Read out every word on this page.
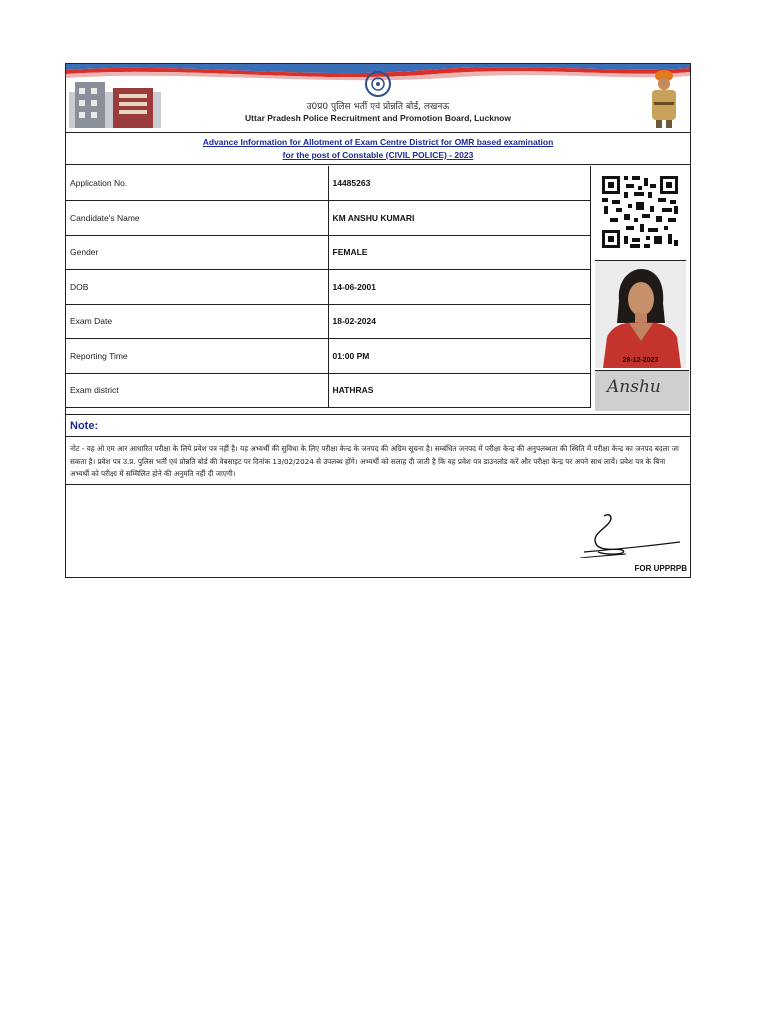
उ0प्र0 पुलिस भर्ती एवं प्रोन्नति बोर्ड, लखनऊ
Uttar Pradesh Police Recruitment and Promotion Board, Lucknow
Advance Information for Allotment of Exam Centre District for OMR based examination
for the post of Constable (CIVIL POLICE) - 2023
Application No.	14485263
Candidate's Name	KM ANSHU KUMARI
Gender	FEMALE
DOB	14-06-2001
Exam Date	18-02-2024
Reporting Time	01:00 PM
Exam district	HATHRAS
28-12-2023
Anshu
Note:
नोट - यह ओ एम आर आधारित परीक्षा के लिये प्रवेश पत्र नहीं है। यह अभ्यर्थी की सुविधा के लिए परीक्षा केन्द्र के जनपद की अग्रिम सूचना है। सम्बंधित जनपद में परीक्षा केन्द्र की अनुपलब्धता की स्थिति में परीक्षा केन्द्र का जनपद बदला जा सकता है। प्रवेश पत्र उ.प्र. पुलिस भर्ती एवं प्रोन्नति बोर्ड की वेबसाइट पर दिनांक 13/02/2024 से उपलब्ध होंगे। अभ्यर्थी को सलाह दी जाती है कि वह प्रवेश पत्र डाउनलोड करें और परीक्षा केन्द्र पर अपने साथ लायें। प्रवेश पत्र के बिना अभ्यर्थी को परीक्षा में सम्मिलित होने की अनुमति नहीं दी जाएगी।
FOR UPPRPB
